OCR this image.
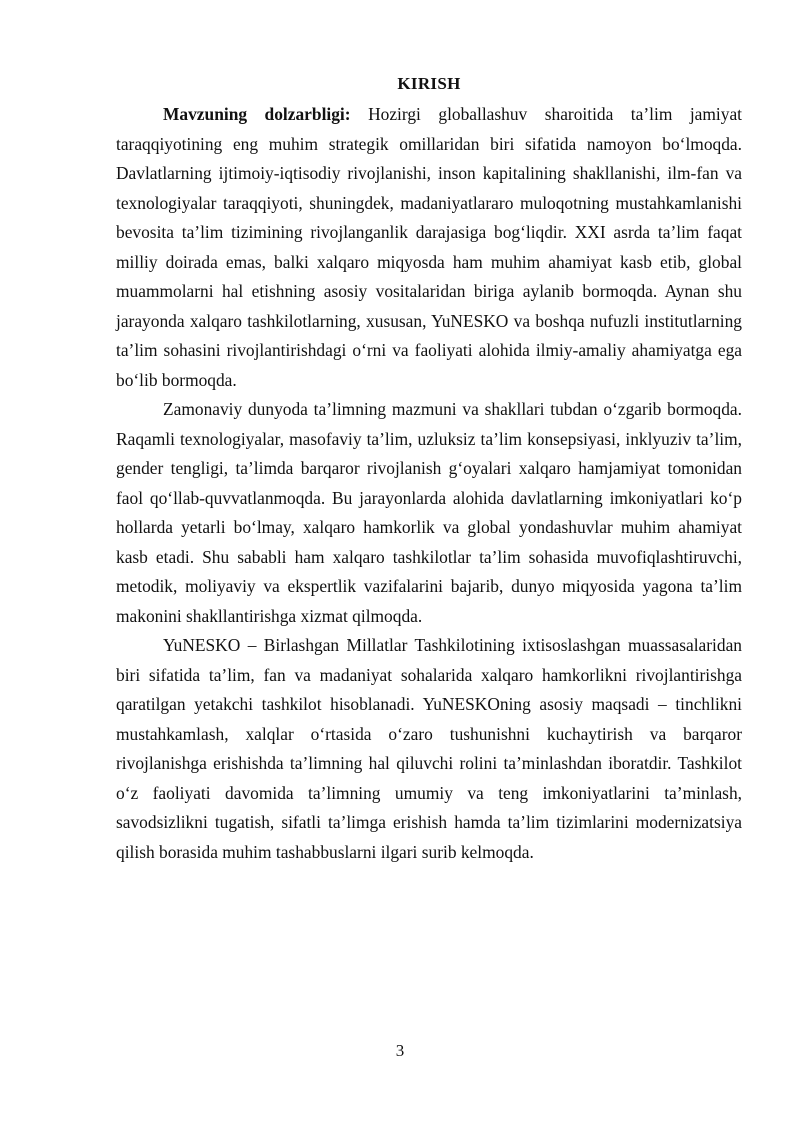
KIRISH

Mavzuning dolzarbligi: Hozirgi globallashuv sharoitida ta’lim jamiyat taraqqiyotining eng muhim strategik omillaridan biri sifatida namoyon bo‘lmoqda. Davlatlarning ijtimoiy-iqtisodiy rivojlanishi, inson kapitalining shakllanishi, ilm-fan va texnologiyalar taraqqiyoti, shuningdek, madaniyatlararo muloqotning mustahkamlanishi bevosita ta’lim tizimining rivojlanganlik darajasiga bog‘liqdir. XXI asrda ta’lim faqat milliy doirada emas, balki xalqaro miqyosda ham muhim ahamiyat kasb etib, global muammolarni hal etishning asosiy vositalaridan biriga aylanib bormoqda. Aynan shu jarayonda xalqaro tashkilotlarning, xususan, YuNESKO va boshqa nufuzli institutlarning ta’lim sohasini rivojlantirishdagi o‘rni va faoliyati alohida ilmiy-amaliy ahamiyatga ega bo‘lib bormoqda.

Zamonaviy dunyoda ta’limning mazmuni va shakllari tubdan o‘zgarib bormoqda. Raqamli texnologiyalar, masofaviy ta’lim, uzluksiz ta’lim konsepsiyasi, inklyuziv ta’lim, gender tengligi, ta’limda barqaror rivojlanish g‘oyalari xalqaro hamjamiyat tomonidan faol qo‘llab-quvvatlanmoqda. Bu jarayonlarda alohida davlatlarning imkoniyatlari ko‘p hollarda yetarli bo‘lmay, xalqaro hamkorlik va global yondashuvlar muhim ahamiyat kasb etadi. Shu sababli ham xalqaro tashkilotlar ta’lim sohasida muvofiqlashtiruvchi, metodik, moliyaviy va ekspertlik vazifalarini bajarib, dunyo miqyosida yagona ta’lim makonini shakllantirishga xizmat qilmoqda.

YuNESKO – Birlashgan Millatlar Tashkilotining ixtisoslashgan muassasalaridan biri sifatida ta’lim, fan va madaniyat sohalarida xalqaro hamkorlikni rivojlantirishga qaratilgan yetakchi tashkilot hisoblanadi. YuNESKOning asosiy maqsadi – tinchlikni mustahkamlash, xalqlar o‘rtasida o‘zaro tushunishni kuchaytirish va barqaror rivojlanishga erishishda ta’limning hal qiluvchi rolini ta’minlashdan iboratdir. Tashkilot o‘z faoliyati davomida ta’limning umumiy va teng imkoniyatlarini ta’minlash, savodsizlikni tugatish, sifatli ta’limga erishish hamda ta’lim tizimlarini modernizatsiya qilish borasida muhim tashabbuslarni ilgari surib kelmoqda.

3
